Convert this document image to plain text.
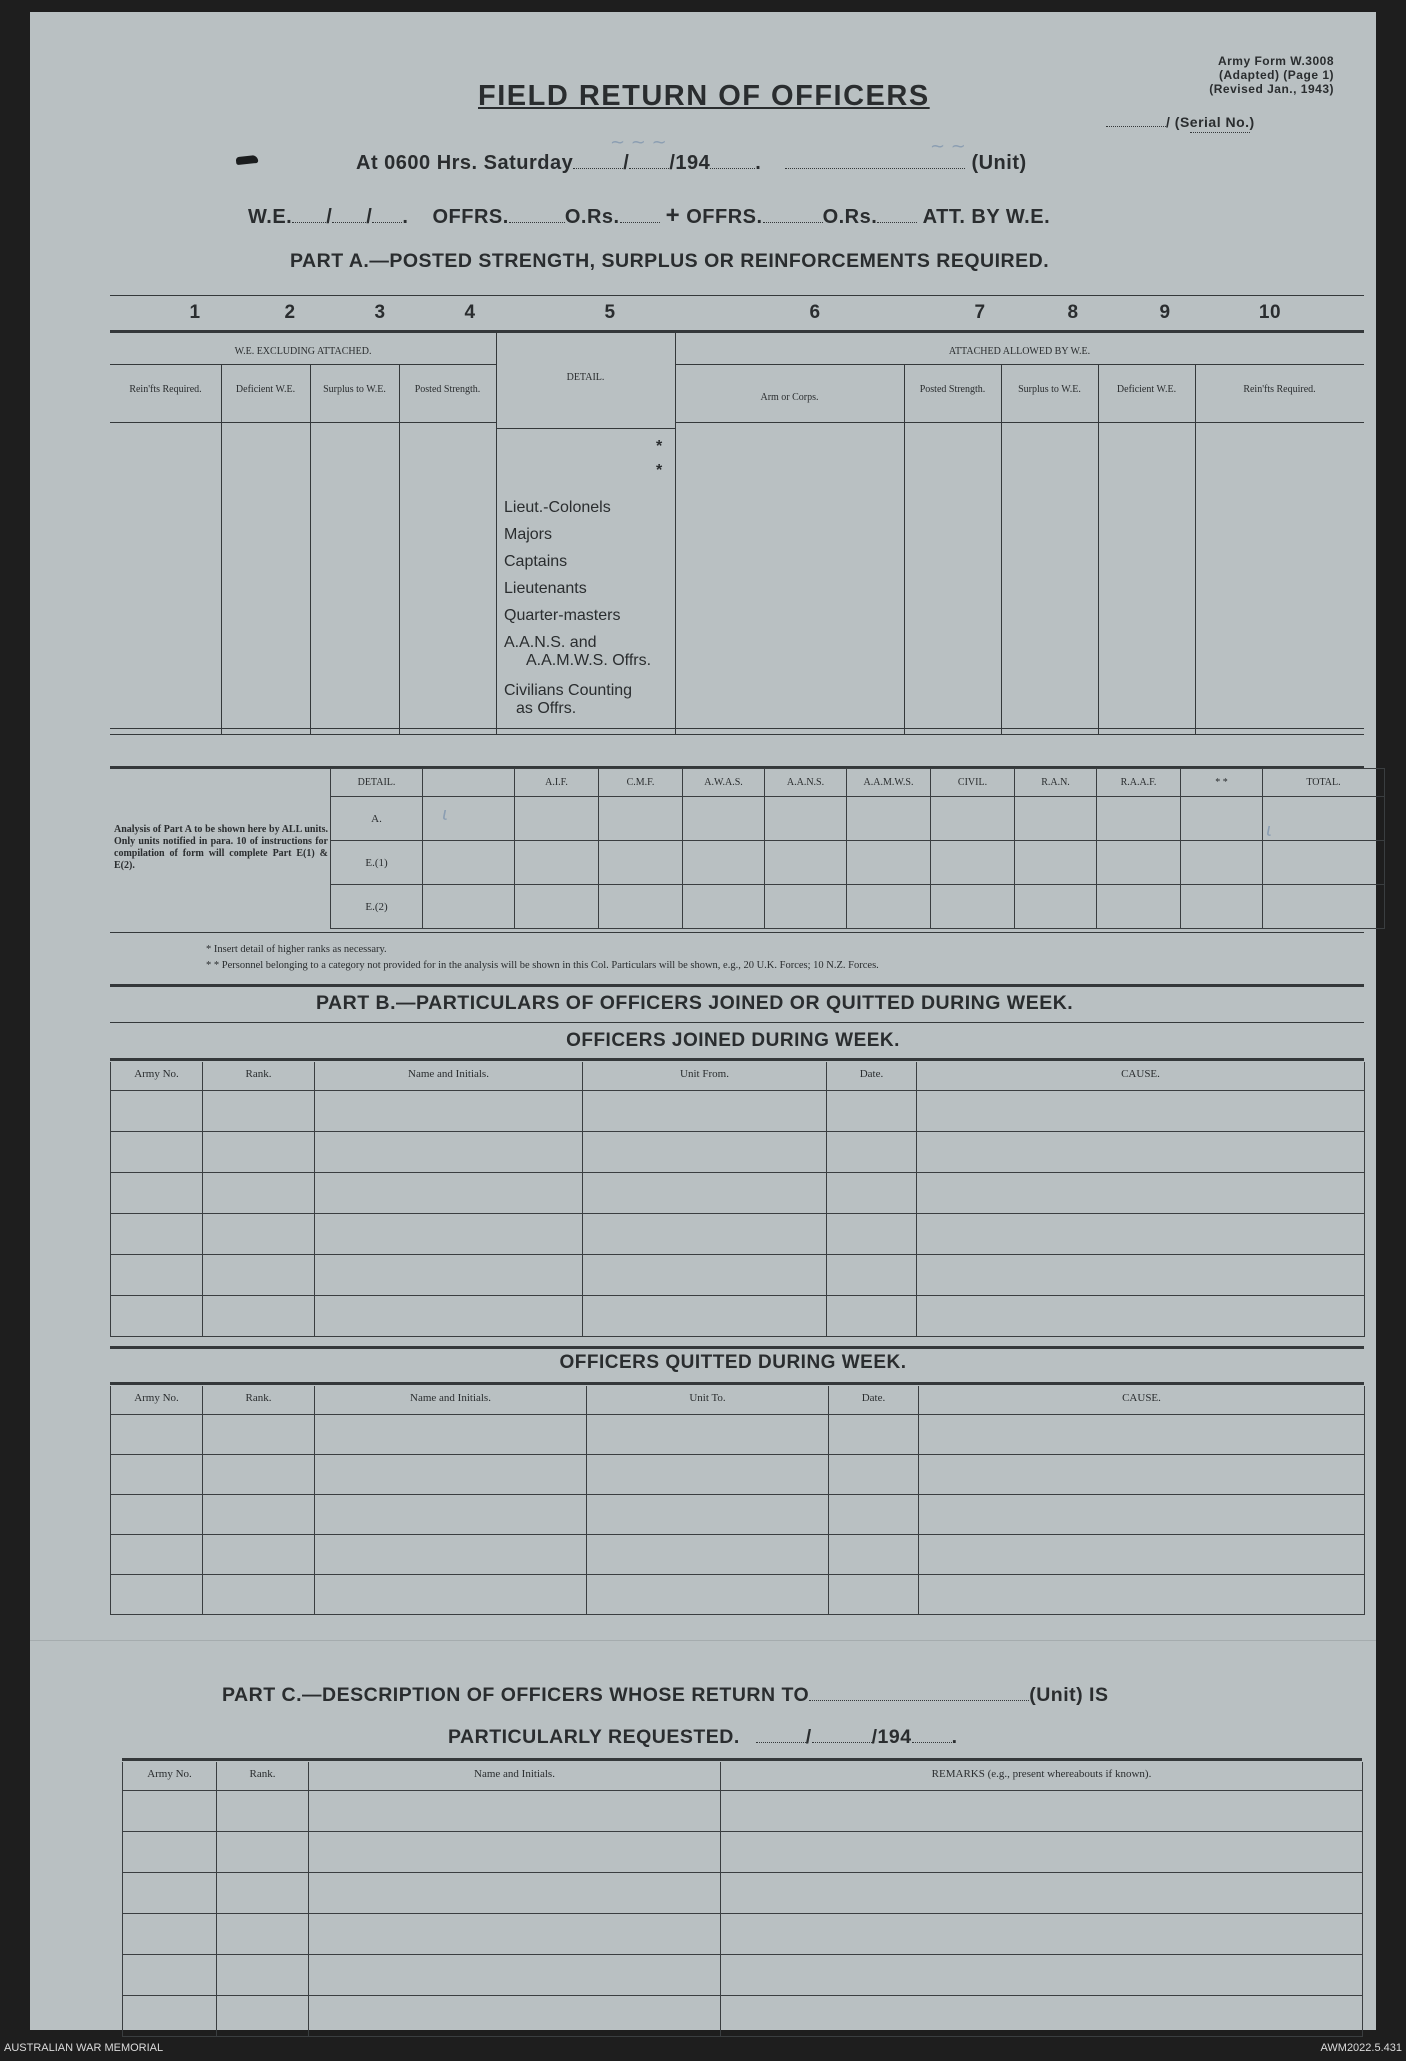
Army Form W.3008
(Adapted) (Page 1)
(Revised Jan., 1943)
/ (Serial No.)
FIELD RETURN OF OFFICERS
At 0600 Hrs. Saturday	/ /194 .	(Unit)
W.E. / / . OFFRS.	O.Rs. + OFFRS.	O.Rs. ATT. BY W.E.
PART A.—POSTED STRENGTH, SURPLUS OR REINFORCEMENTS REQUIRED.
1	2	3	4	5	6	7	8	9	10
W.E. EXCLUDING ATTACHED.	ATTACHED ALLOWED BY W.E.
DETAIL.
Rein'fts Required.	Deficient W.E.	Surplus to W.E.	Posted Strength.
Arm or Corps.
Posted Strength.	Surplus to W.E.	Deficient W.E.	Rein'fts Required.
*
*
Lieut.-Colonels
Majors
Captains
Lieutenants
Quarter-masters
A.A.N.S. and
A.A.M.W.S. Offrs.
Civilians Counting
as Offrs.
Analysis of Part A to be shown here by ALL units. Only units notified in para. 10 of instructions for compilation of form will complete Part E(1) & E(2).
DETAIL.		A.I.F.	C.M.F.	A.W.A.S.	A.A.N.S.	A.A.M.W.S.	CIVIL.	R.A.N.	R.A.A.F.	* *	TOTAL.
A.											
E.(1)											
E.(2)											
* Insert detail of higher ranks as necessary.
* * Personnel belonging to a category not provided for in the analysis will be shown in this Col. Particulars will be shown, e.g., 20 U.K. Forces; 10 N.Z. Forces.
PART B.—PARTICULARS OF OFFICERS JOINED OR QUITTED DURING WEEK.
OFFICERS JOINED DURING WEEK.
Army No.	Rank.	Name and Initials.	Unit From.	Date.	CAUSE.

OFFICERS QUITTED DURING WEEK.
Army No.	Rank.	Name and Initials.	Unit To.	Date.	CAUSE.

PART C.—DESCRIPTION OF OFFICERS WHOSE RETURN TO	(Unit) IS
PARTICULARLY REQUESTED.	/	/194 .
Army No.	Rank.	Name and Initials.	REMARKS (e.g., present whereabouts if known).

~ ~ ~	~ ~
ι
ι
AUSTRALIAN WAR MEMORIAL	AWM2022.5.431
